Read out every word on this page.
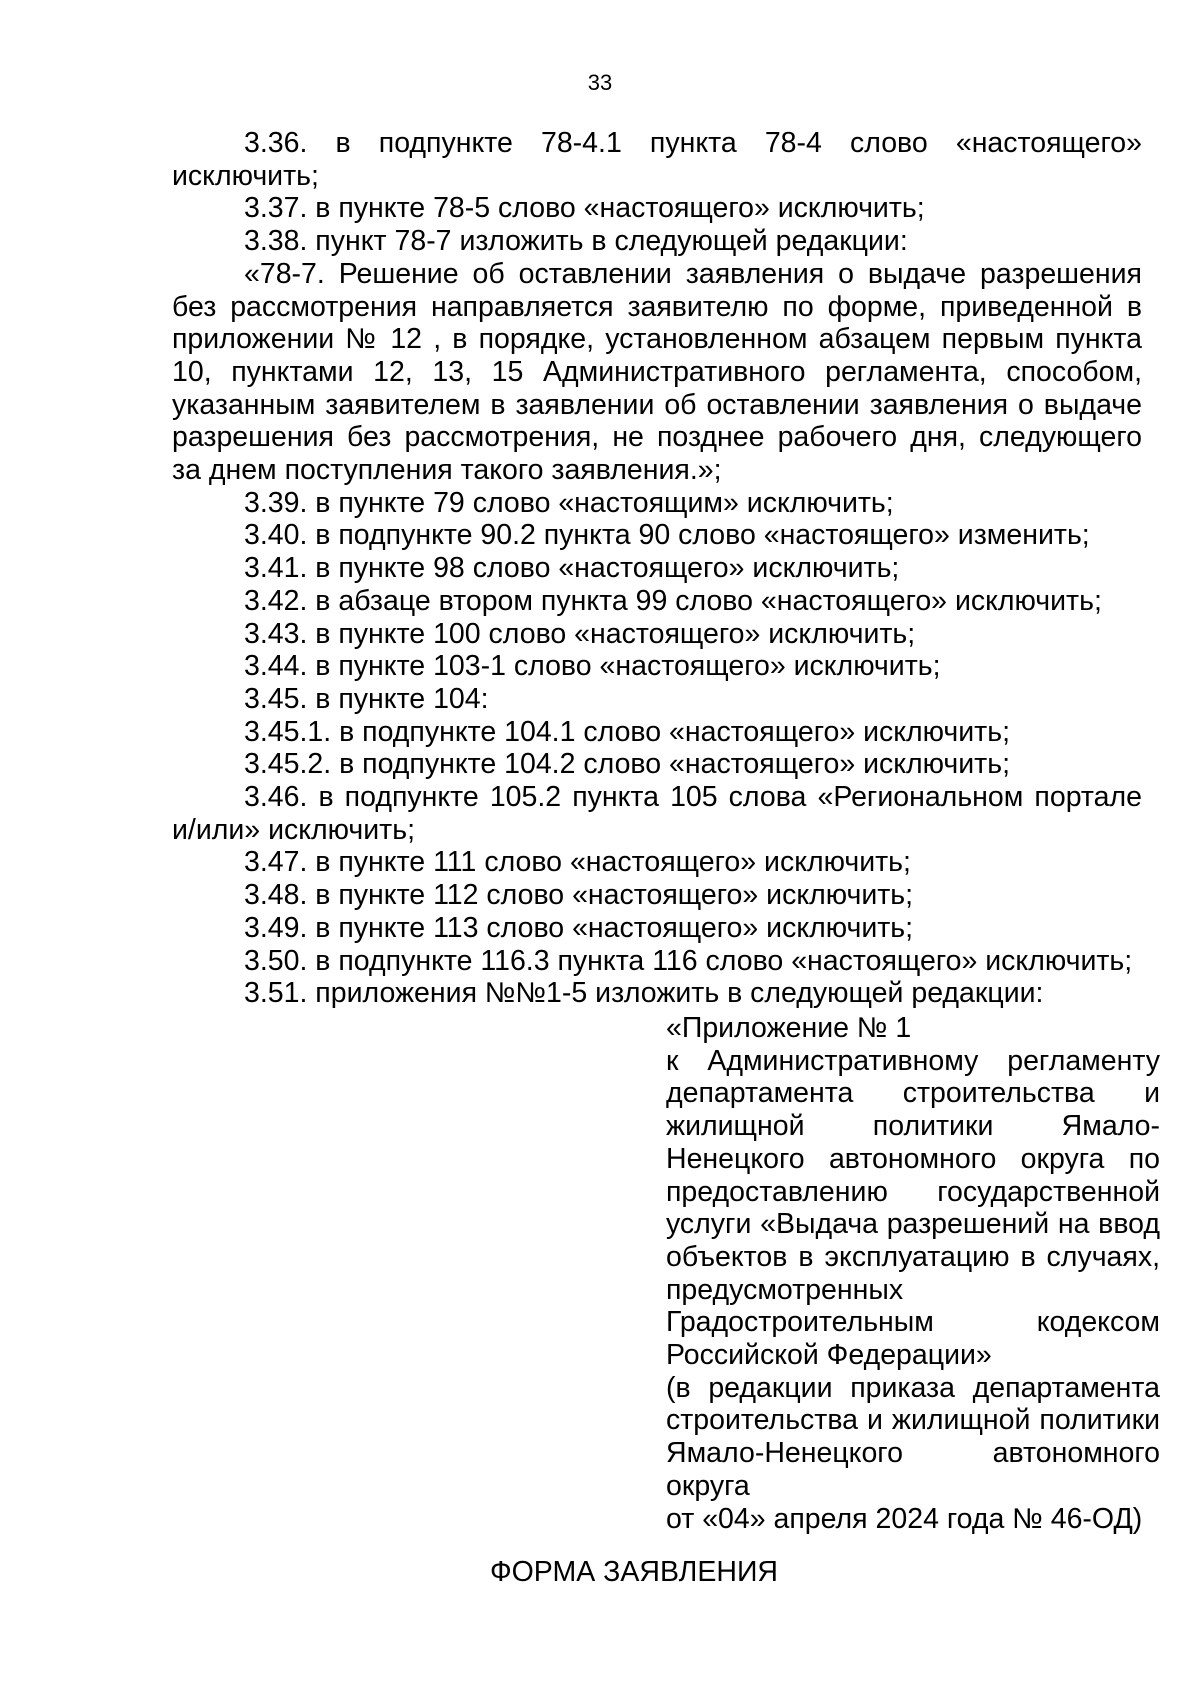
33

3.36. в подпункте 78-4.1 пункта 78-4 слово «настоящего» исключить;

3.37. в пункте 78-5 слово «настоящего» исключить;

3.38. пункт 78-7 изложить в следующей редакции:

«78-7. Решение об оставлении заявления о выдаче разрешения без рассмотрения направляется заявителю по форме, приведенной в приложении № 12 , в порядке, установленном абзацем первым пункта 10, пунктами 12, 13, 15 Административного регламента, способом, указанным заявителем в заявлении об оставлении заявления о выдаче разрешения без рассмотрения, не позднее рабочего дня, следующего за днем поступления такого заявления.»;

3.39. в пункте 79 слово «настоящим» исключить;

3.40. в подпункте 90.2 пункта 90 слово «настоящего» изменить;

3.41. в пункте 98 слово «настоящего» исключить;

3.42. в абзаце втором пункта 99 слово «настоящего» исключить;

3.43. в пункте 100 слово «настоящего» исключить;

3.44. в пункте 103-1 слово «настоящего» исключить;

3.45. в пункте 104:

3.45.1. в подпункте 104.1 слово «настоящего» исключить;

3.45.2. в подпункте 104.2 слово «настоящего» исключить;

3.46. в подпункте 105.2 пункта 105 слова «Региональном портале и/или» исключить;

3.47. в пункте 111 слово «настоящего» исключить;

3.48. в пункте 112 слово «настоящего» исключить;

3.49. в пункте 113 слово «настоящего» исключить;

3.50. в подпункте 116.3 пункта 116 слово «настоящего» исключить;

3.51. приложения №№1-5 изложить в следующей редакции:

«Приложение № 1

к Административному регламенту департамента строительства и жилищной политики Ямало-Ненецкого автономного округа по предоставлению государственной услуги «Выдача разрешений на ввод объектов в эксплуатацию в случаях, предусмотренных Градостроительным кодексом Российской Федерации»

(в редакции приказа департамента строительства и жилищной политики Ямало-Ненецкого автономного округа

от «04» апреля 2024 года № 46-ОД)

ФОРМА ЗАЯВЛЕНИЯ
